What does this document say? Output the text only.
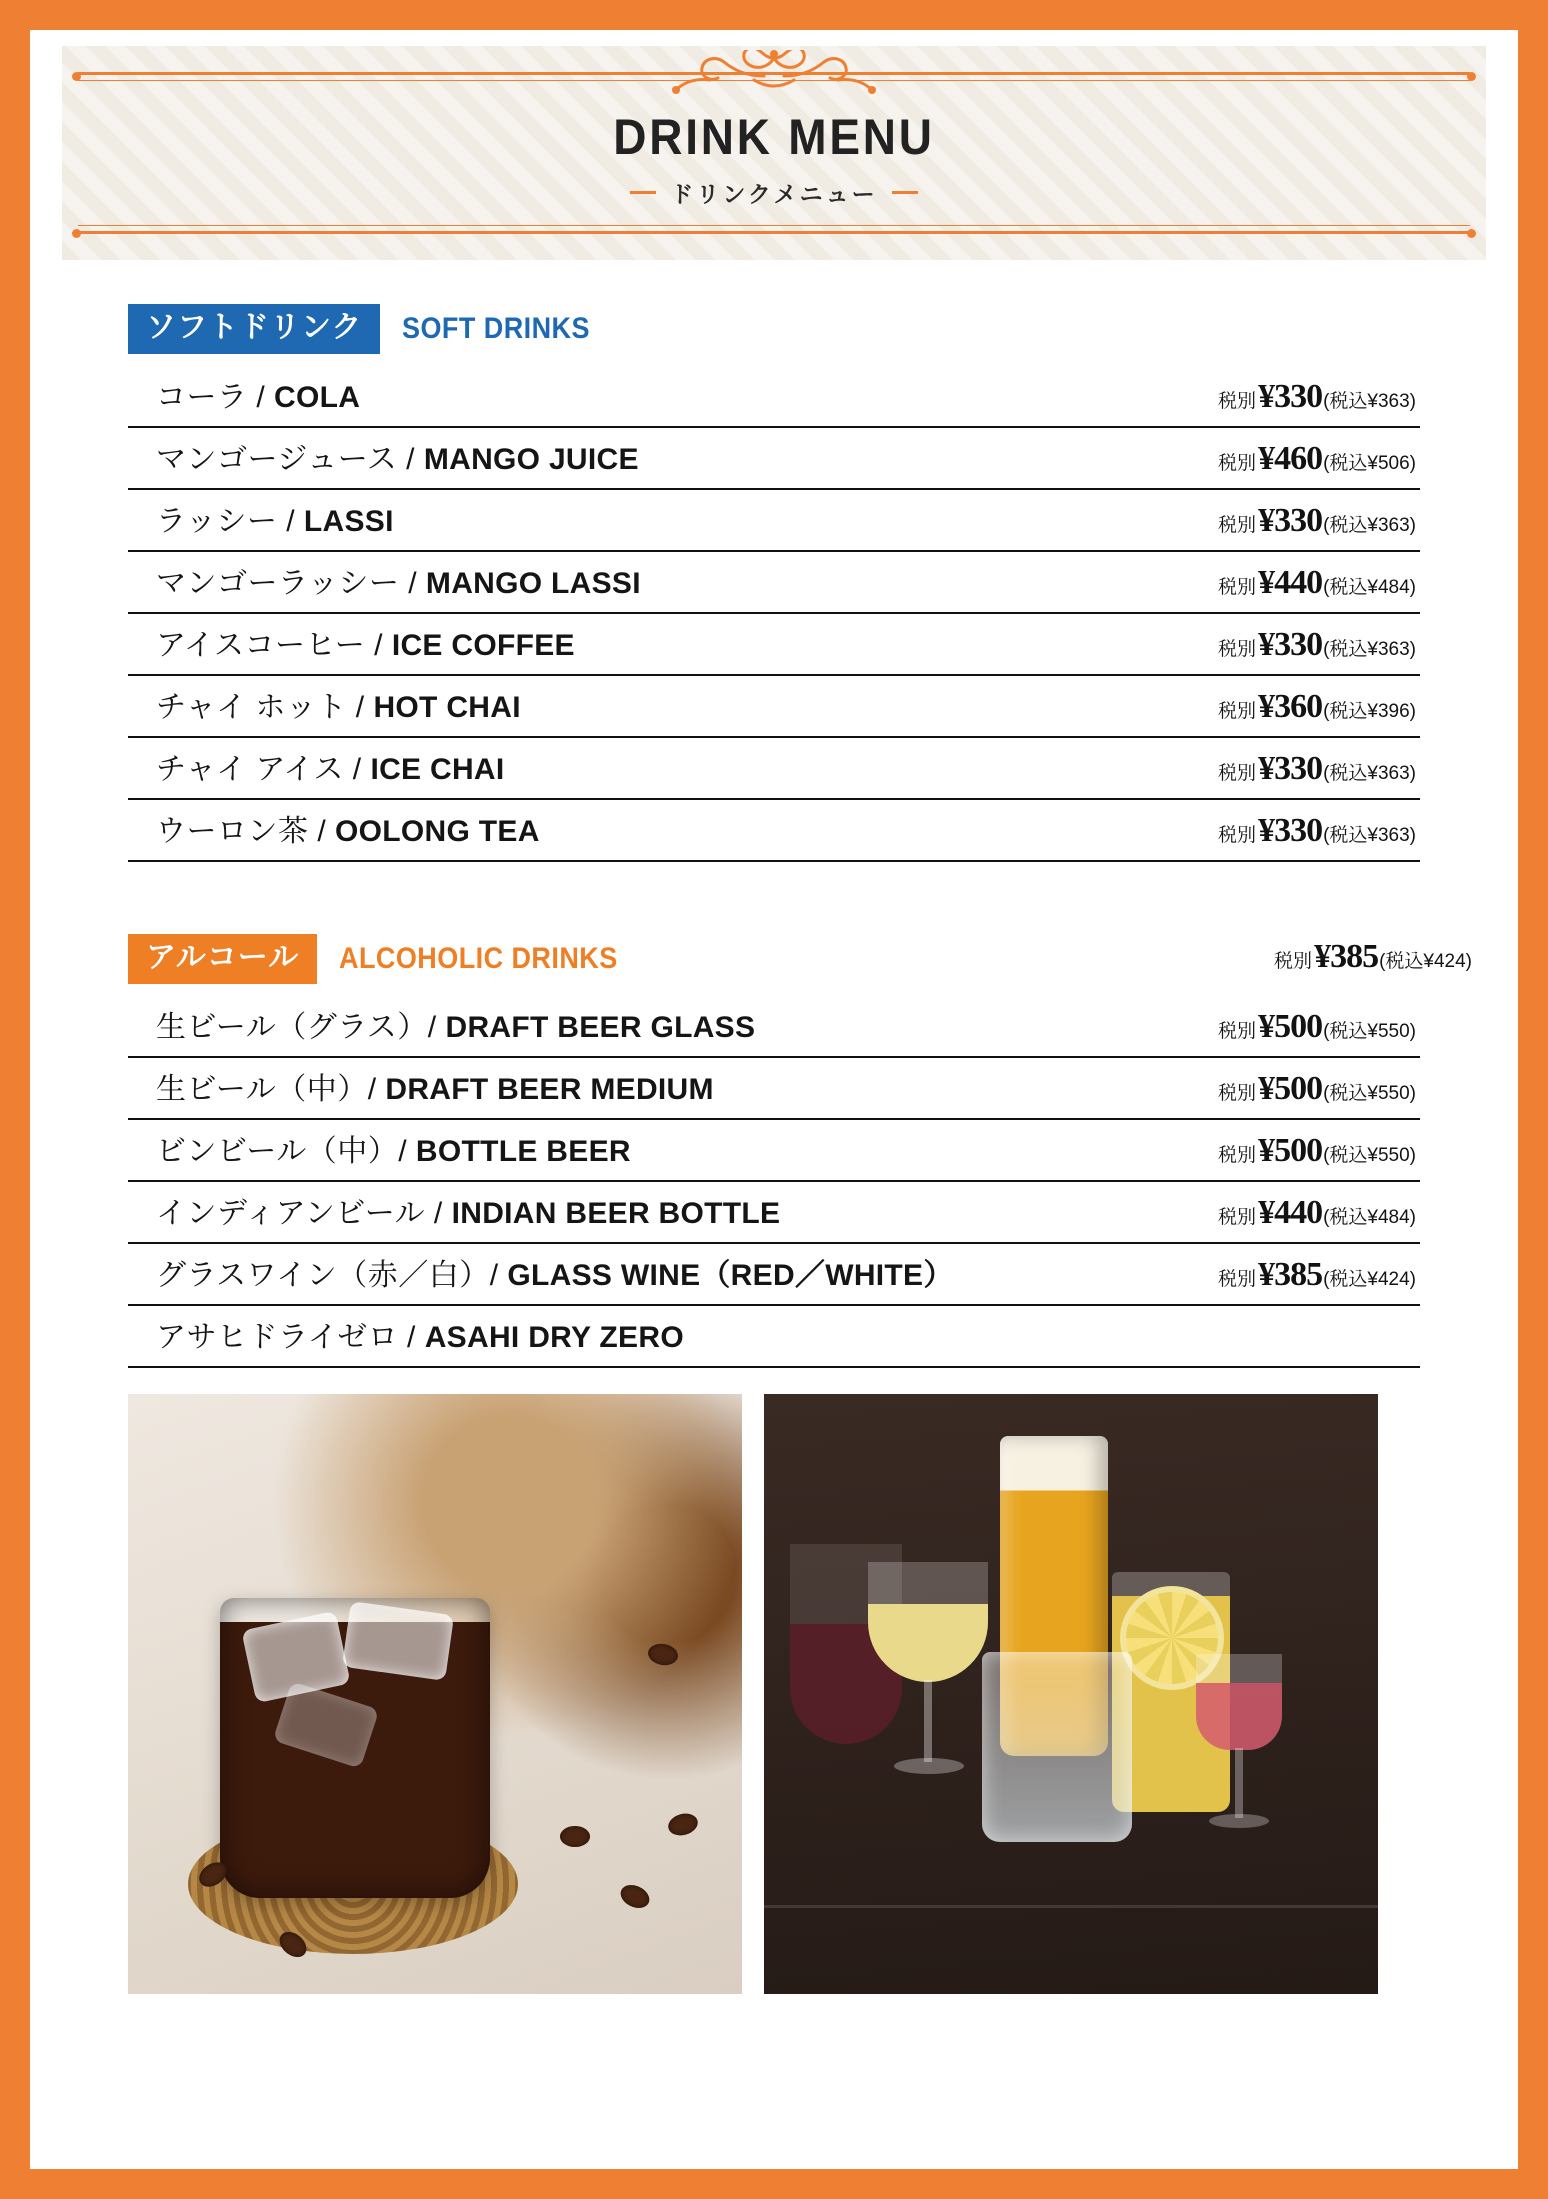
DRINK MENU
ドリンクメニュー
ソフトドリンク	SOFT DRINKS
コーラ / COLA	税別 ¥330 (税込¥363)
マンゴージュース / MANGO JUICE	税別 ¥460 (税込¥506)
ラッシー / LASSI	税別 ¥330 (税込¥363)
マンゴーラッシー / MANGO LASSI	税別 ¥440 (税込¥484)
アイスコーヒー / ICE COFFEE	税別 ¥330 (税込¥363)
チャイ ホット / HOT CHAI	税別 ¥360 (税込¥396)
チャイ アイス / ICE CHAI	税別 ¥330 (税込¥363)
ウーロン茶 / OOLONG TEA	税別 ¥330 (税込¥363)
アルコール	ALCOHOLIC DRINKS	税別 ¥385 (税込¥424)
生ビール（グラス）/ DRAFT BEER GLASS	税別 ¥500 (税込¥550)
生ビール（中）/ DRAFT BEER MEDIUM	税別 ¥500 (税込¥550)
ビンビール（中）/ BOTTLE BEER	税別 ¥500 (税込¥550)
インディアンビール / INDIAN BEER BOTTLE	税別 ¥440 (税込¥484)
グラスワイン（赤／白）/ GLASS WINE（RED／WHITE）	税別 ¥385 (税込¥424)
アサヒドライゼロ / ASAHI DRY ZERO
